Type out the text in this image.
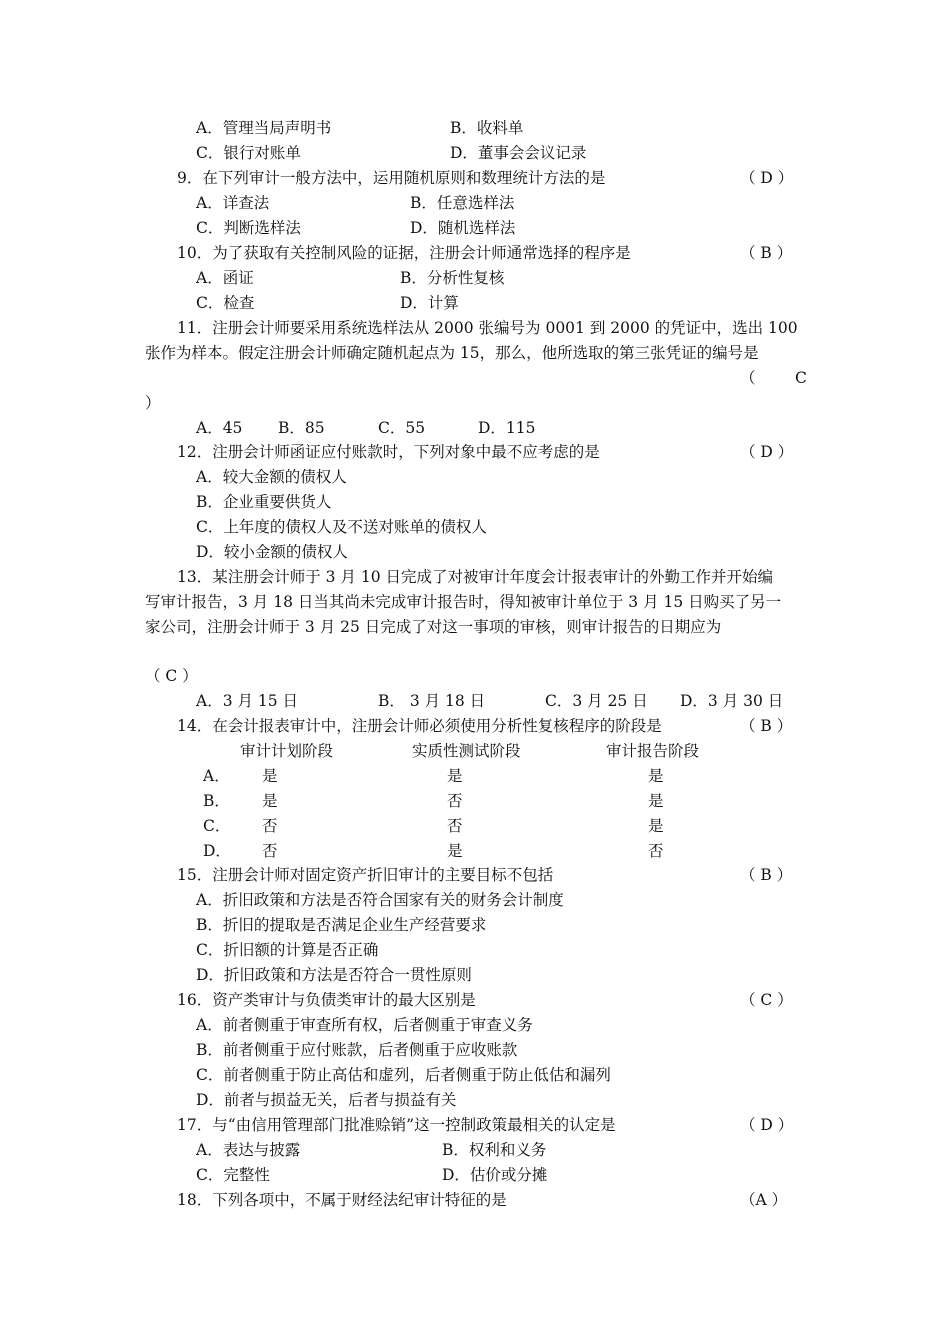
A．管理当局声明书	B．收料单
C．银行对账单	D．董事会会议记录
9．在下列审计一般方法中，运用随机原则和数理统计方法的是	（ D ）
A．详查法	B．任意选样法
C．判断选样法	D．随机选样法
10．为了获取有关控制风险的证据，注册会计师通常选择的程序是	（ B ）
A．函证	B．分析性复核
C．检查	D．计算
11．注册会计师要采用系统选样法从 2000 张编号为 0001 到 2000 的凭证中，选出 100
张作为样本。假定注册会计师确定随机起点为 15，那么，他所选取的第三张凭证的编号是
（	C
）
A．45 B．85	C．55	D．115
12．注册会计师函证应付账款时，下列对象中最不应考虑的是	（ D ）
A．较大金额的债权人
B．企业重要供货人
C．上年度的债权人及不送对账单的债权人
D．较小金额的债权人
13．某注册会计师于 3 月 10 日完成了对被审计年度会计报表审计的外勤工作并开始编
写审计报告，3 月 18 日当其尚未完成审计报告时，得知被审计单位于 3 月 15 日购买了另一
家公司，注册会计师于 3 月 25 日完成了对这一事项的审核，则审计报告的日期应为
（ C ）
A．3 月 15 日	B． 3 月 18 日	C．3 月 25 日 D．3 月 30 日
14．在会计报表审计中，注册会计师必须使用分析性复核程序的阶段是	（ B ）
审计计划阶段	实质性测试阶段	审计报告阶段
A． 是	是	是
B． 是	否	是
C． 否	否	是
D． 否	是	否
15．注册会计师对固定资产折旧审计的主要目标不包括	（ B ）
A．折旧政策和方法是否符合国家有关的财务会计制度
B．折旧的提取是否满足企业生产经营要求
C．折旧额的计算是否正确
D．折旧政策和方法是否符合一贯性原则
16．资产类审计与负债类审计的最大区别是	（ C ）
A．前者侧重于审查所有权，后者侧重于审查义务
B．前者侧重于应付账款，后者侧重于应收账款
C．前者侧重于防止高估和虚列，后者侧重于防止低估和漏列
D．前者与损益无关，后者与损益有关
17．与“由信用管理部门批准赊销”这一控制政策最相关的认定是	（ D ）
A．表达与披露	B．权利和义务
C．完整性	D．估价或分摊
18．下列各项中，不属于财经法纪审计特征的是	（A ）
